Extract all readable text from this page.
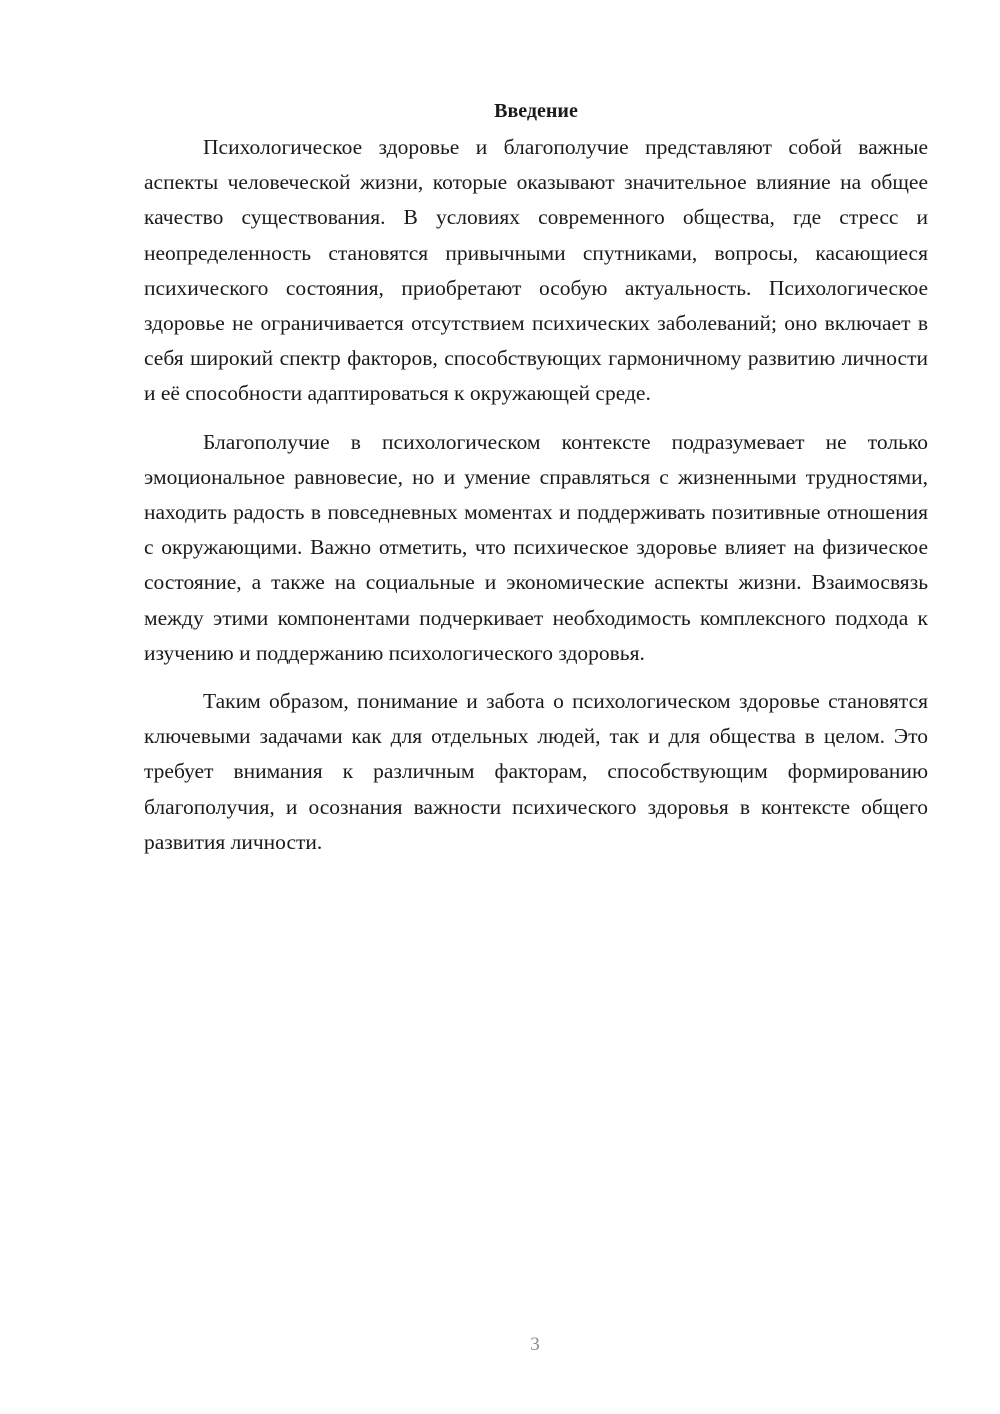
Введение

Психологическое здоровье и благополучие представляют собой важные аспекты человеческой жизни, которые оказывают значительное влияние на общее качество существования. В условиях современного общества, где стресс и неопределенность становятся привычными спутниками, вопросы, касающиеся психического состояния, приобретают особую актуальность. Психологическое здоровье не ограничивается отсутствием психических заболеваний; оно включает в себя широкий спектр факторов, способствующих гармоничному развитию личности и её способности адаптироваться к окружающей среде.

Благополучие в психологическом контексте подразумевает не только эмоциональное равновесие, но и умение справляться с жизненными трудностями, находить радость в повседневных моментах и поддерживать позитивные отношения с окружающими. Важно отметить, что психическое здоровье влияет на физическое состояние, а также на социальные и экономические аспекты жизни. Взаимосвязь между этими компонентами подчеркивает необходимость комплексного подхода к изучению и поддержанию психологического здоровья.

Таким образом, понимание и забота о психологическом здоровье становятся ключевыми задачами как для отдельных людей, так и для общества в целом. Это требует внимания к различным факторам, способствующим формированию благополучия, и осознания важности психического здоровья в контексте общего развития личности.

3
